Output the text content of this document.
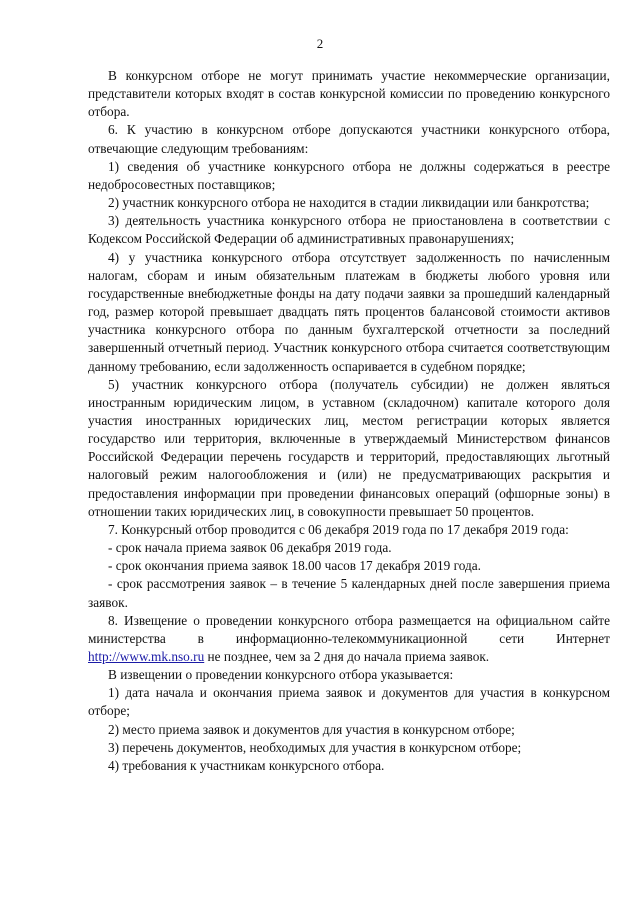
2

В конкурсном отборе не могут принимать участие некоммерческие организации, представители которых входят в состав конкурсной комиссии по проведению конкурсного отбора.

6. К участию в конкурсном отборе допускаются участники конкурсного отбора, отвечающие следующим требованиям:

1) сведения об участнике конкурсного отбора не должны содержаться в реестре недобросовестных поставщиков;

2) участник конкурсного отбора не находится в стадии ликвидации или банкротства;

3) деятельность участника конкурсного отбора не приостановлена в соответствии с Кодексом Российской Федерации об административных правонарушениях;

4) у участника конкурсного отбора отсутствует задолженность по начисленным налогам, сборам и иным обязательным платежам в бюджеты любого уровня или государственные внебюджетные фонды на дату подачи заявки за прошедший календарный год, размер которой превышает двадцать пять процентов балансовой стоимости активов участника конкурсного отбора по данным бухгалтерской отчетности за последний завершенный отчетный период. Участник конкурсного отбора считается соответствующим данному требованию, если задолженность оспаривается в судебном порядке;

5) участник конкурсного отбора (получатель субсидии) не должен являться иностранным юридическим лицом, в уставном (складочном) капитале которого доля участия иностранных юридических лиц, местом регистрации которых является государство или территория, включенные в утверждаемый Министерством финансов Российской Федерации перечень государств и территорий, предоставляющих льготный налоговый режим налогообложения и (или) не предусматривающих раскрытия и предоставления информации при проведении финансовых операций (офшорные зоны) в отношении таких юридических лиц, в совокупности превышает 50 процентов.

7. Конкурсный отбор проводится с 06 декабря 2019 года по 17 декабря 2019 года:

- срок начала приема заявок 06 декабря 2019 года.

- срок окончания приема заявок 18.00 часов 17 декабря 2019 года.

- срок рассмотрения заявок – в течение 5 календарных дней после завершения приема заявок.

8. Извещение о проведении конкурсного отбора размещается на официальном сайте министерства в информационно-телекоммуникационной сети Интернет http://www.mk.nso.ru не позднее, чем за 2 дня до начала приема заявок.

В извещении о проведении конкурсного отбора указывается:

1) дата начала и окончания приема заявок и документов для участия в конкурсном отборе;

2) место приема заявок и документов для участия в конкурсном отборе;

3) перечень документов, необходимых для участия в конкурсном отборе;

4) требования к участникам конкурсного отбора.
